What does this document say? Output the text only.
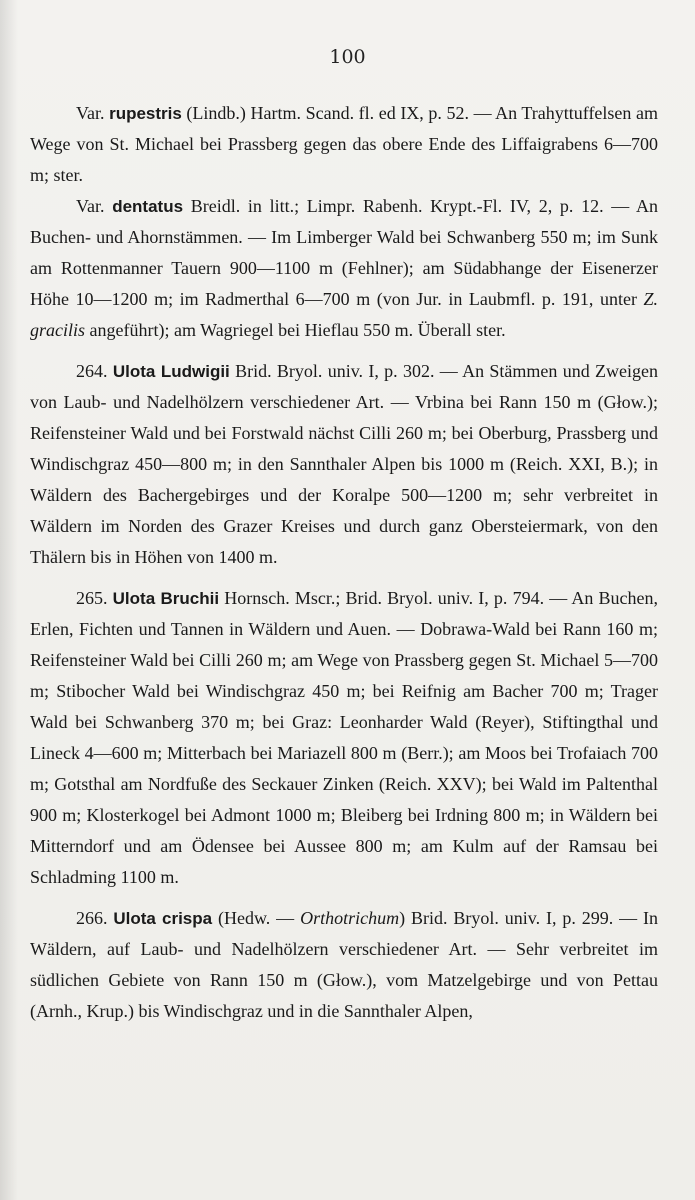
100

Var. rupestris (Lindb.) Hartm. Scand. fl. ed IX, p. 52. — An Trahyttuffelsen am Wege von St. Michael bei Prassberg gegen das obere Ende des Liffaigrabens 6—700 m; ster.

Var. dentatus Breidl. in litt.; Limpr. Rabenh. Krypt.-Fl. IV, 2, p. 12. — An Buchen- und Ahornstämmen. — Im Limberger Wald bei Schwanberg 550 m; im Sunk am Rottenmanner Tauern 900—1100 m (Fehlner); am Südabhange der Eisenerzer Höhe 10—1200 m; im Radmerthal 6—700 m (von Jur. in Laubmfl. p. 191, unter Z. gracilis angeführt); am Wagriegel bei Hieflau 550 m. Überall ster.

264. Ulota Ludwigii Brid. Bryol. univ. I, p. 302. — An Stämmen und Zweigen von Laub- und Nadelhölzern verschiedener Art. — Vrbina bei Rann 150 m (Głow.); Reifensteiner Wald und bei Forstwald nächst Cilli 260 m; bei Oberburg, Prassberg und Windischgraz 450—800 m; in den Sannthaler Alpen bis 1000 m (Reich. XXI, B.); in Wäldern des Bachergebirges und der Koralpe 500—1200 m; sehr verbreitet in Wäldern im Norden des Grazer Kreises und durch ganz Obersteiermark, von den Thälern bis in Höhen von 1400 m.

265. Ulota Bruchii Hornsch. Mscr.; Brid. Bryol. univ. I, p. 794. — An Buchen, Erlen, Fichten und Tannen in Wäldern und Auen. — Dobrawa-Wald bei Rann 160 m; Reifensteiner Wald bei Cilli 260 m; am Wege von Prassberg gegen St. Michael 5—700 m; Stibocher Wald bei Windischgraz 450 m; bei Reifnig am Bacher 700 m; Trager Wald bei Schwanberg 370 m; bei Graz: Leonharder Wald (Reyer), Stiftingthal und Lineck 4—600 m; Mitterbach bei Mariazell 800 m (Berr.); am Moos bei Trofaiach 700 m; Gotsthal am Nordfuße des Seckauer Zinken (Reich. XXV); bei Wald im Paltenthal 900 m; Klosterkogel bei Admont 1000 m; Bleiberg bei Irdning 800 m; in Wäldern bei Mitterndorf und am Ödensee bei Aussee 800 m; am Kulm auf der Ramsau bei Schladming 1100 m.

266. Ulota crispa (Hedw. — Orthotrichum) Brid. Bryol. univ. I, p. 299. — In Wäldern, auf Laub- und Nadelhölzern verschiedener Art. — Sehr verbreitet im südlichen Gebiete von Rann 150 m (Głow.), vom Matzelgebirge und von Pettau (Arnh., Krup.) bis Windischgraz und in die Sannthaler Alpen,
